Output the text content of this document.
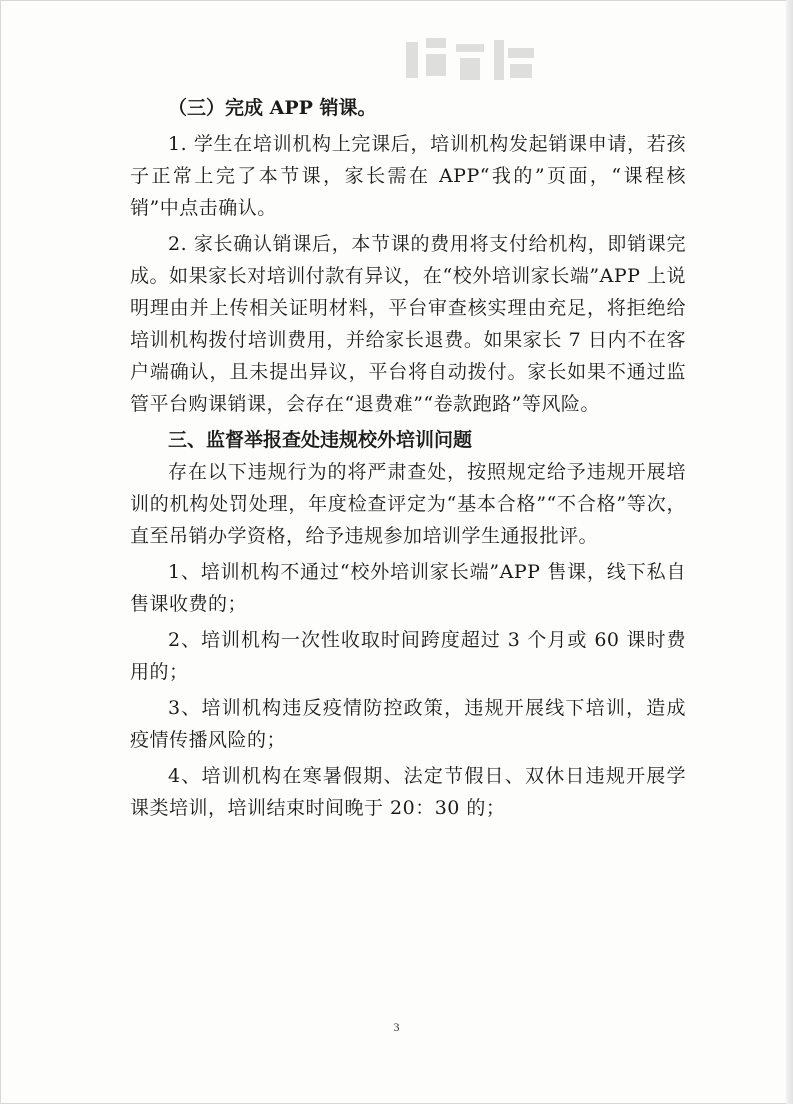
（三）完成 APP 销课。

1. 学生在培训机构上完课后，培训机构发起销课申请，若孩子正常上完了本节课，家长需在 APP“我的”页面，“课程核销”中点击确认。

2. 家长确认销课后，本节课的费用将支付给机构，即销课完成。如果家长对培训付款有异议，在“校外培训家长端”APP 上说明理由并上传相关证明材料，平台审查核实理由充足，将拒绝给培训机构拨付培训费用，并给家长退费。如果家长 7 日内不在客户端确认，且未提出异议，平台将自动拨付。家长如果不通过监管平台购课销课，会存在“退费难”“卷款跑路”等风险。

三、监督举报查处违规校外培训问题

存在以下违规行为的将严肃查处，按照规定给予违规开展培训的机构处罚处理，年度检查评定为“基本合格”“不合格”等次，直至吊销办学资格，给予违规参加培训学生通报批评。

1、培训机构不通过“校外培训家长端”APP 售课，线下私自售课收费的；

2、培训机构一次性收取时间跨度超过 3 个月或 60 课时费用的；

3、培训机构违反疫情防控政策，违规开展线下培训，造成疫情传播风险的；

4、培训机构在寒暑假期、法定节假日、双休日违规开展学课类培训，培训结束时间晚于 20：30 的；

3
